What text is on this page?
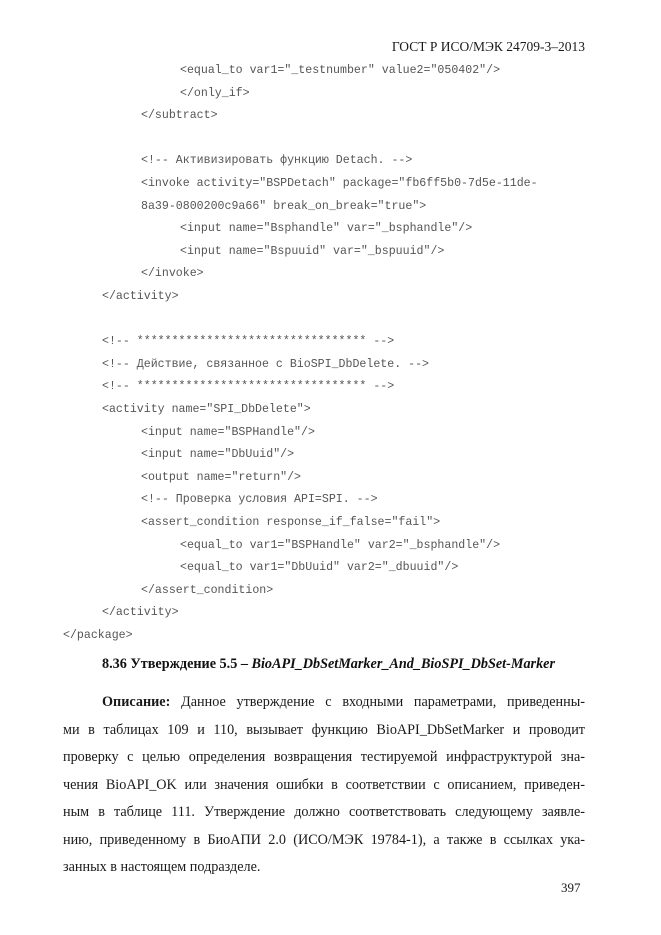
ГОСТ Р ИСО/МЭК 24709-3–2013
<equal_to var1="_testnumber" value2="050402"/>
</only_if>
</subtract>
<!-- Активизировать функцию Detach. -->
<invoke activity="BSPDetach" package="fb6ff5b0-7d5e-11de-
8a39-0800200c9a66" break_on_break="true">
<input name="Bsphandle" var="_bsphandle"/>
<input name="Bspuuid" var="_bspuuid"/>
</invoke>
</activity>
<!-- ********************************* -->
<!-- Действие, связанное с BioSPI_DbDelete. -->
<!-- ********************************* -->
<activity name="SPI_DbDelete">
<input name="BSPHandle"/>
<input name="DbUuid"/>
<output name="return"/>
<!-- Проверка условия API=SPI. -->
<assert_condition response_if_false="fail">
<equal_to var1="BSPHandle" var2="_bsphandle"/>
<equal_to var1="DbUuid" var2="_dbuuid"/>
</assert_condition>
</activity>
</package>
8.36 Утверждение 5.5 – BioAPI_DbSetMarker_And_BioSPI_DbSet-Marker
Описание: Данное утверждение с входными параметрами, приведенны-
ми в таблицах 109 и 110, вызывает функцию BioAPI_DbSetMarker и проводит
проверку с целью определения возвращения тестируемой инфраструктурой зна-
чения BioAPI_OK или значения ошибки в соответствии с описанием, приведен-
ным в таблице 111. Утверждение должно соответствовать следующему заявле-
нию, приведенному в БиоАПИ 2.0 (ИСО/МЭК 19784-1), а также в ссылках ука-
занных в настоящем подразделе.
397
